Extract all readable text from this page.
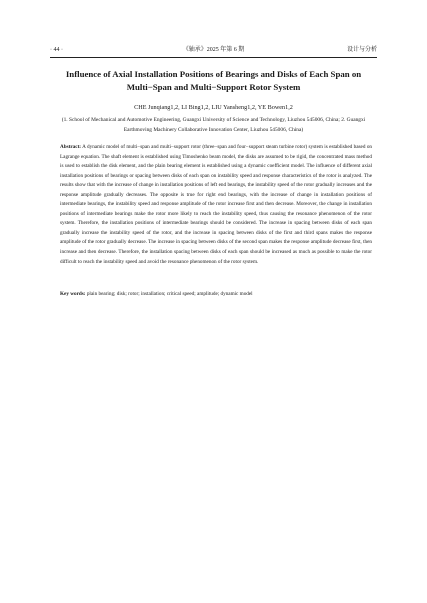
· 44 ·	《轴承》2025 年第 6 期	设计与分析
Influence of Axial Installation Positions of Bearings and Disks of Each Span on Multi−Span and Multi−Support Rotor System
CHE Junqiang1,2, LI Bing1,2, LIU Yansheng1,2, YE Bowen1,2
(1. School of Mechanical and Automotive Engineering, Guangxi University of Science and Technology, Liuzhou 545006, China; 2. Guangxi Earthmoving Machinery Collaborative Innovation Center, Liuzhou 545006, China)
Abstract: A dynamic model of multi−span and multi−support rotor (three−span and four−support steam turbine rotor) system is established based on Lagrange equation. The shaft element is established using Timoshenko beam model, the disks are assumed to be rigid, the concentrated mass method is used to establish the disk element, and the plain bearing element is established using a dynamic coefficient model. The influence of different axial installation positions of bearings or spacing between disks of each span on instability speed and response characteristics of the rotor is analyzed. The results show that with the increase of change in installation positions of left end bearings, the instability speed of the rotor gradually increases and the response amplitude gradually decreases. The opposite is true for right end bearings, with the increase of change in installation positions of intermediate bearings, the instability speed and response amplitude of the rotor increase first and then decrease. Moreover, the change in installation positions of intermediate bearings make the rotor more likely to reach the instability speed, thus causing the resonance phenomenon of the rotor system. Therefore, the installation positions of intermediate bearings should be considered. The increase in spacing between disks of each span gradually increase the instability speed of the rotor, and the increase in spacing between disks of the first and third spans makes the response amplitude of the rotor gradually decrease. The increase in spacing between disks of the second span makes the response amplitude decrease first, then increase and then decrease. Therefore, the installation spacing between disks of each span should be increased as much as possible to make the rotor difficult to reach the instability speed and avoid the resonance phenomenon of the rotor system.
Key words: plain bearing; disk; rotor; installation; critical speed; amplitude; dynamic model
